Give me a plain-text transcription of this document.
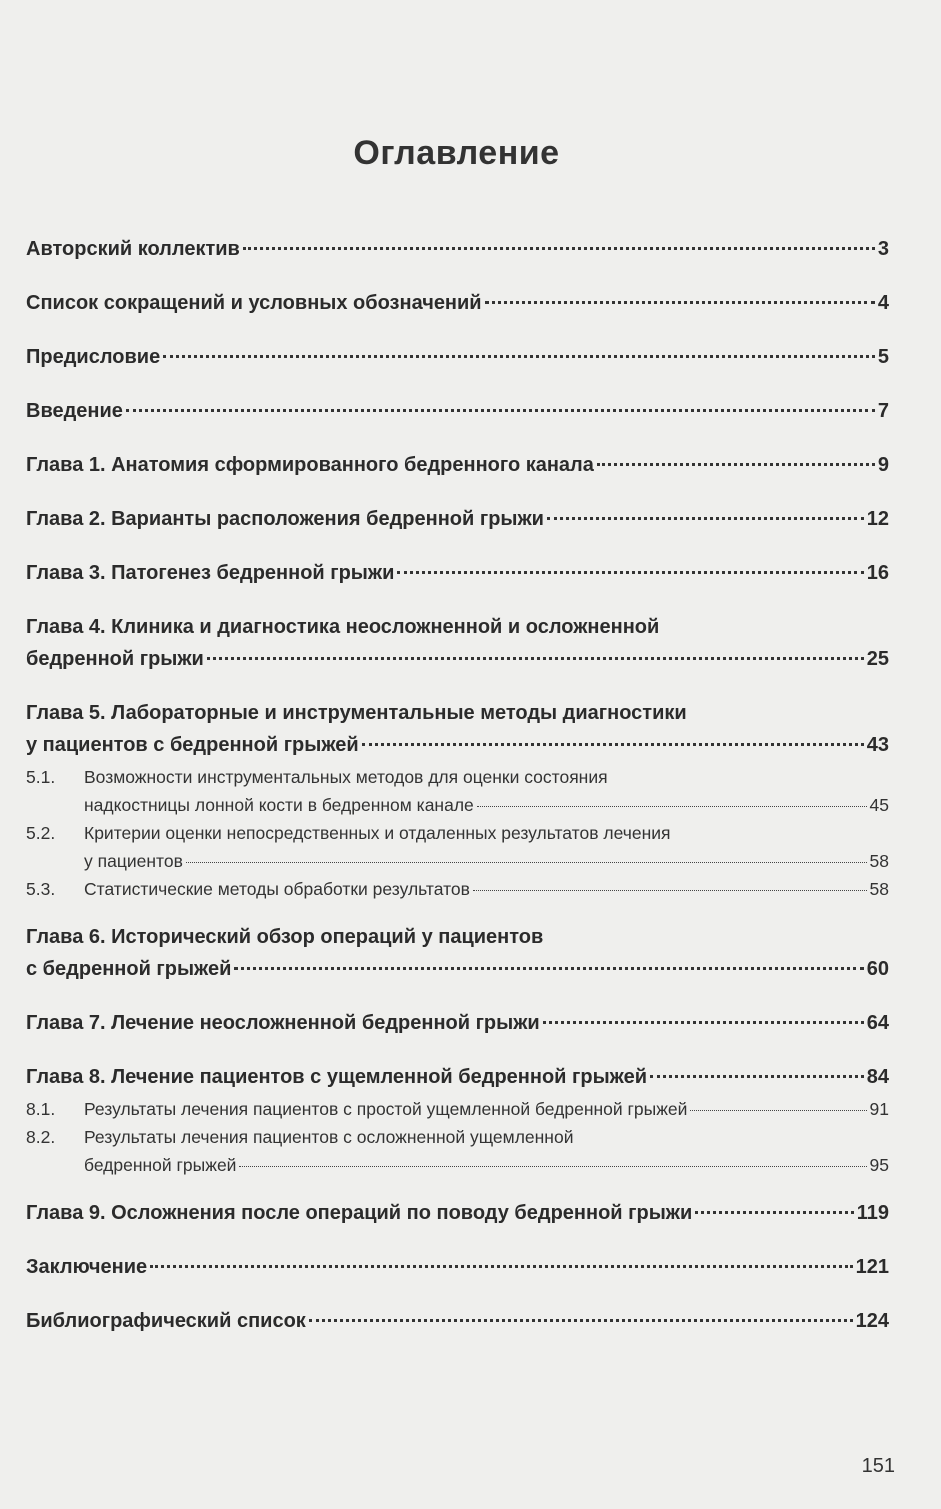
Оглавление
Авторский коллектив	3
Список сокращений и условных обозначений	4
Предисловие	5
Введение	7
Глава 1. Анатомия сформированного бедренного канала	9
Глава 2. Варианты расположения бедренной грыжи	12
Глава 3. Патогенез бедренной грыжи	16
Глава 4. Клиника и диагностика неосложненной и осложненной
бедренной грыжи	25
Глава 5. Лабораторные и инструментальные методы диагностики
у пациентов с бедренной грыжей	43
5.1.	Возможности инструментальных методов для оценки состояния
надкостницы лонной кости в бедренном канале	45
5.2.	Критерии оценки непосредственных и отдаленных результатов лечения
у пациентов	58
5.3.	Статистические методы обработки результатов	58
Глава 6. Исторический обзор операций у пациентов
с бедренной грыжей	60
Глава 7. Лечение неосложненной бедренной грыжи	64
Глава 8. Лечение пациентов с ущемленной бедренной грыжей	84
8.1.	Результаты лечения пациентов с простой ущемленной бедренной грыжей	91
8.2.	Результаты лечения пациентов с осложненной ущемленной
бедренной грыжей	95
Глава 9. Осложнения после операций по поводу бедренной грыжи	119
Заключение	121
Библиографический список	124
151
